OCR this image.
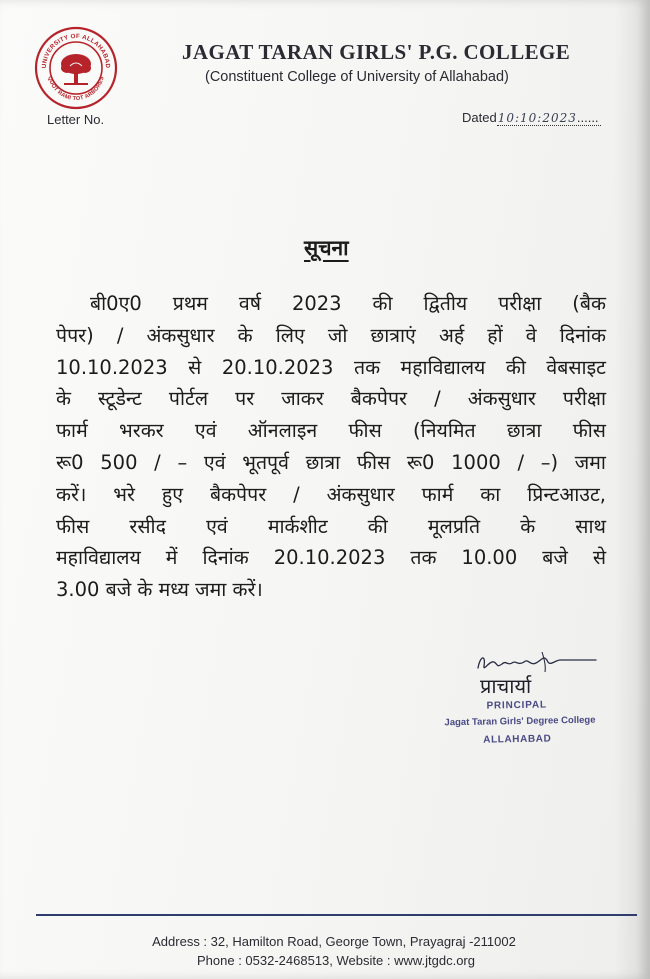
UNIVERSITY OF ALLAHABAD
QUOT RAMI TOT ARBORES
JAGAT TARAN GIRLS' P.G. COLLEGE
(Constituent College of University of Allahabad)
Letter No.	Dated10:10:2023......
सूचना
बी0ए0 प्रथम वर्ष 2023 की द्वितीय परीक्षा (बैक
पेपर) / अंकसुधार के लिए जो छात्राएं अर्ह हों वे दिनांक
10.10.2023 से 20.10.2023 तक महाविद्यालय की वेबसाइट
के स्टूडेन्ट पोर्टल पर जाकर बैकपेपर / अंकसुधार परीक्षा
फार्म भरकर एवं ऑनलाइन फीस (नियमित छात्रा फीस
रू0 500 / – एवं भूतपूर्व छात्रा फीस रू0 1000 / –) जमा
करें। भरे हुए बैकपेपर / अंकसुधार फार्म का प्रिन्टआउट,
फीस रसीद एवं मार्कशीट की मूलप्रति के साथ
महाविद्यालय में दिनांक 20.10.2023 तक 10.00 बजे से
3.00 बजे के मध्य जमा करें।
प्राचार्या
PRINCIPAL
Jagat Taran Girls' Degree College
ALLAHABAD
Address : 32, Hamilton Road, George Town, Prayagraj -211002
Phone : 0532-2468513, Website : www.jtgdc.org
